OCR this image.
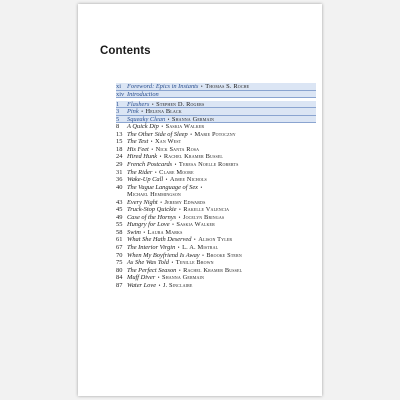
Contents
xi Foreword: Epics in Instants • Thomas S. Roche
xiv Introduction
1	Flashers • Stephen D. Rogers
3	Pink • Helena Black
5	Squeaky Clean • Shanna Germain
8	A Quick Dip • Saskia Walker
13 The Other Side of Sleep • Marie Potoczny
15 The Test • Xan West
18 His Feet • Nick Santa Rosa
24 Hired Hunk • Rachel Kramer Bussel
29 French Postcards • Teresa Noelle Roberts
31 The Rider • Clare Moore
36 Wake-Up Call • Aimee Nichols
40 The Vague Language of Sex •
Michael Hemmingson
43 Every Night • Jeremy Edwards
45 Truck-Stop Quickie • Rakelle Valencia
49 Case of the Hornys • Jocelyn Bringas
55 Hungry for Love • Saskia Walker
58 Swim • Laura Marks
61 What She Hath Deserved • Alison Tyler
67 The Interior Virgin • L. A. Mistral
70 When My Boyfriend Is Away • Brooke Stern
75 As She Was Told • Tenille Brown
80 The Perfect Season • Rachel Kramer Bussel
84 Muff Diver • Shanna Germain
87 Water Love • J. Sinclaire
